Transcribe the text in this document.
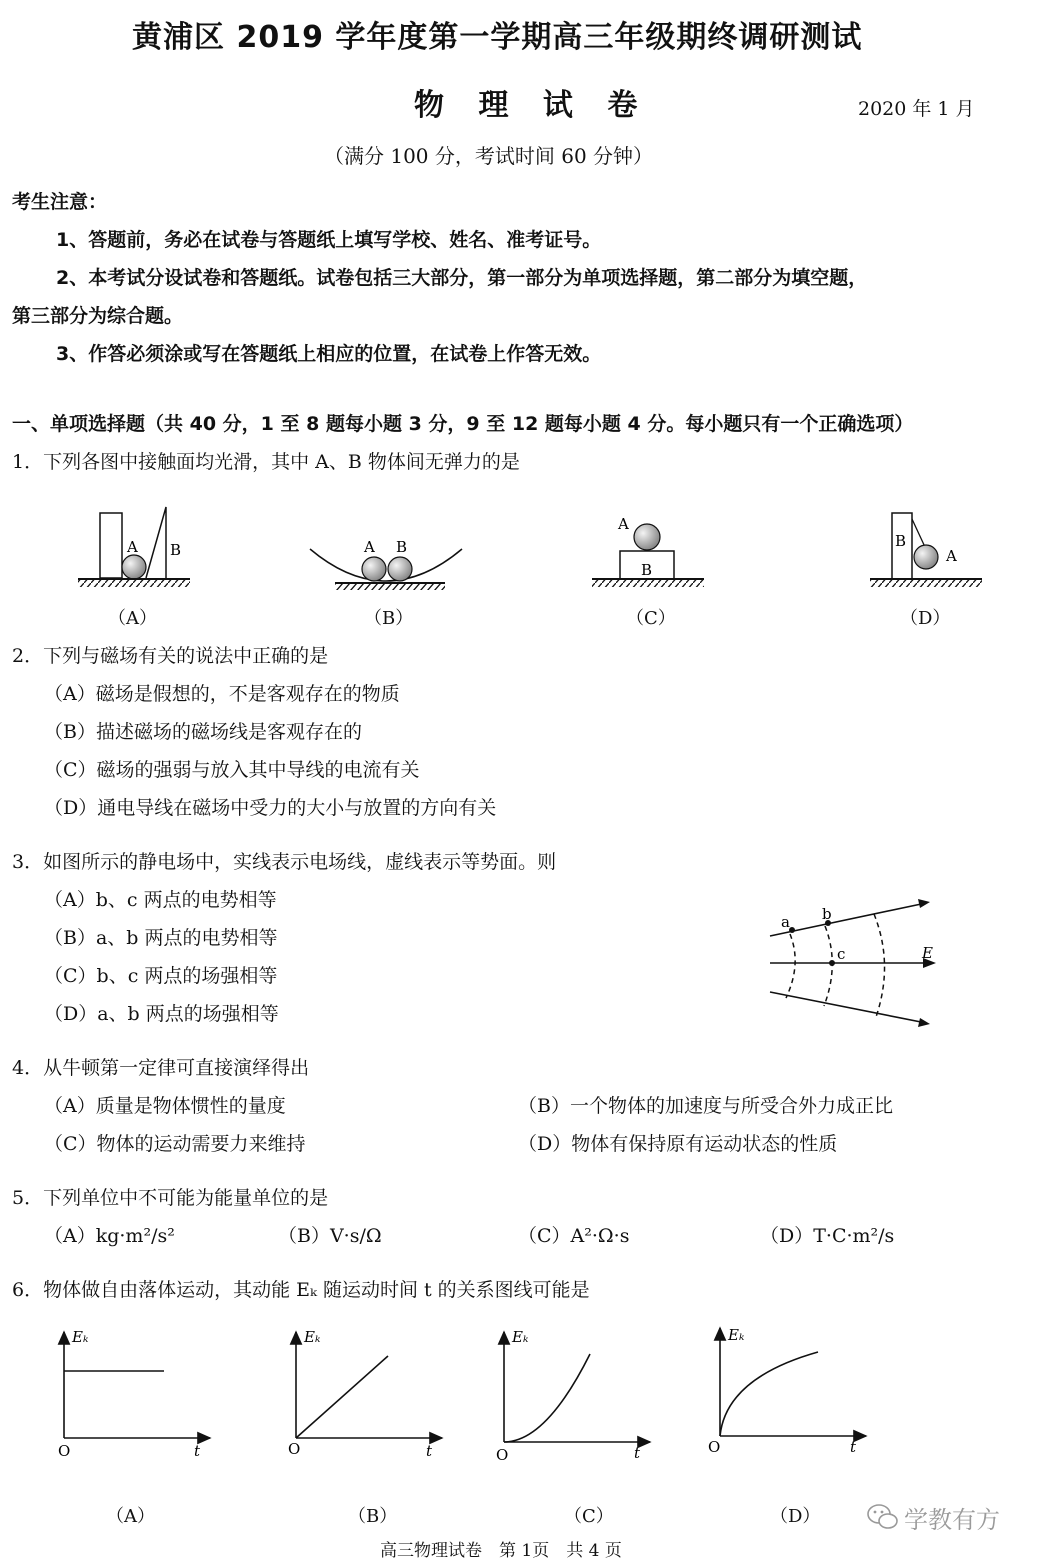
黄浦区 2019 学年度第一学期高三年级期终调研测试
物 理 试 卷	2020 年 1 月
（满分 100 分，考试时间 60 分钟）
考生注意：
1、答题前，务必在试卷与答题纸上填写学校、姓名、准考证号。
2、本考试分设试卷和答题纸。试卷包括三大部分，第一部分为单项选择题，第二部分为填空题，
第三部分为综合题。
3、作答必须涂或写在答题纸上相应的位置，在试卷上作答无效。
一、单项选择题（共 40 分，1 至 8 题每小题 3 分，9 至 12 题每小题 4 分。每小题只有一个正确选项）
1．下列各图中接触面均光滑，其中 A、B 物体间无弹力的是
A B	A B
A
B
B
A
（A）	（B）	（C）	（D）
2．下列与磁场有关的说法中正确的是
（A）磁场是假想的，不是客观存在的物质
（B）描述磁场的磁场线是客观存在的
（C）磁场的强弱与放入其中导线的电流有关
（D）通电导线在磁场中受力的大小与放置的方向有关
3．如图所示的静电场中，实线表示电场线，虚线表示等势面。则
（A）b、c 两点的电势相等
（B）a、b 两点的电势相等
（C）b、c 两点的场强相等
（D）a、b 两点的场强相等
a b
c	E
4．从牛顿第一定律可直接演绎得出
（A）质量是物体惯性的量度	（B）一个物体的加速度与所受合外力成正比
（C）物体的运动需要力来维持	（D）物体有保持原有运动状态的性质
5．下列单位中不可能为能量单位的是
（A）kg·m²/s²	（B）V·s/Ω	（C）A²·Ω·s	（D）T·C·m²/s
6．物体做自由落体运动，其动能 Eₖ 随运动时间 t 的关系图线可能是
Eₖ
t
O
Eₖ
t
O
Eₖ
t
O
Eₖ
t
O
（A）	（B）	（C）	（D）	学教有方
高三物理试卷　第 1页　共 4 页
